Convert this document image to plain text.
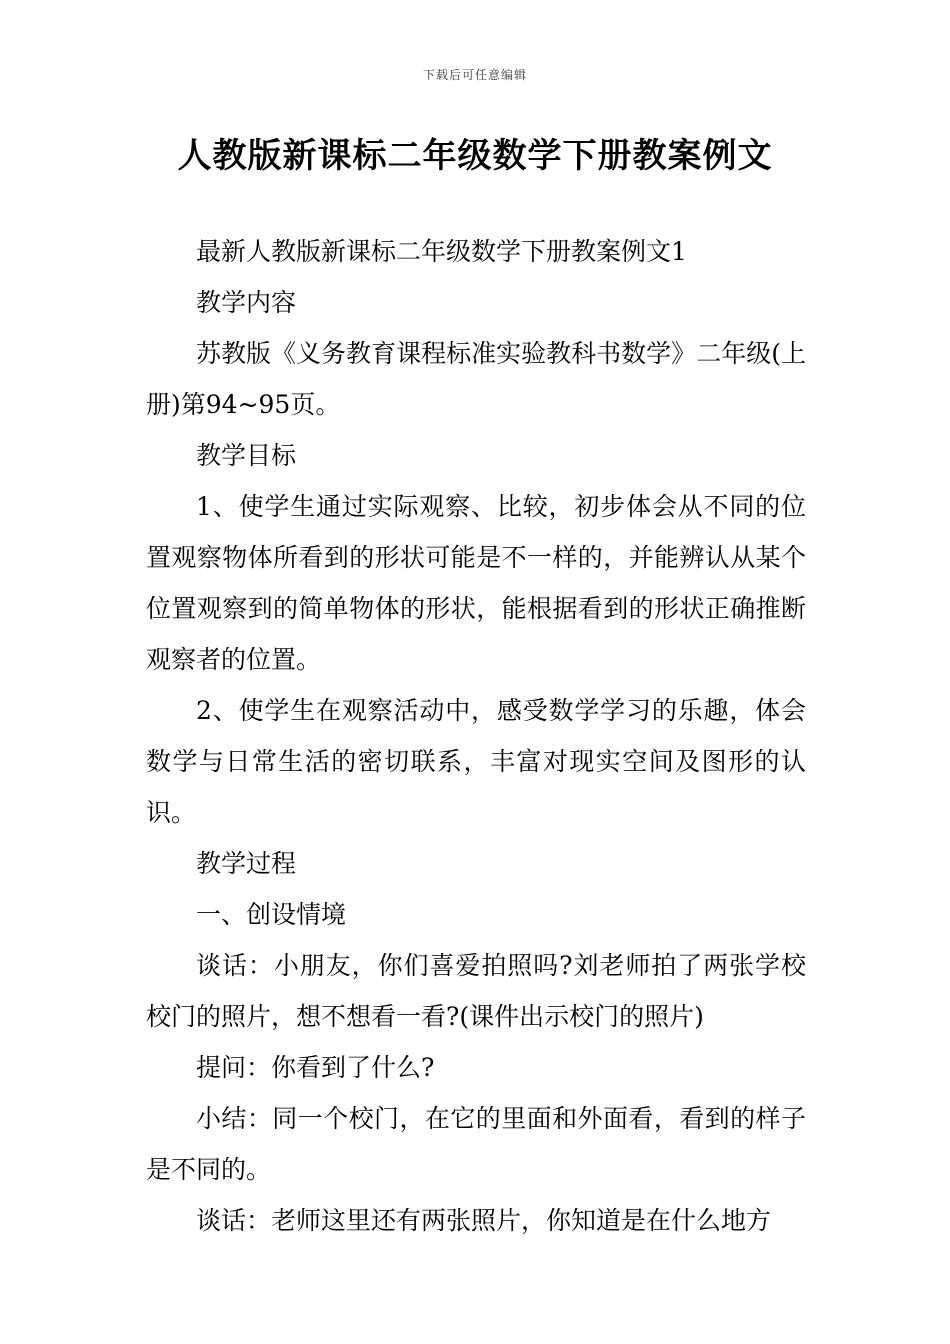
下载后可任意编辑
人教版新课标二年级数学下册教案例文

最新人教版新课标二年级数学下册教案例文1

教学内容

苏教版《义务教育课程标准实验教科书数学》二年级(上册)第94~95页。

教学目标

1、使学生通过实际观察、比较，初步体会从不同的位置观察物体所看到的形状可能是不一样的，并能辨认从某个位置观察到的简单物体的形状，能根据看到的形状正确推断观察者的位置。

2、使学生在观察活动中，感受数学学习的乐趣，体会数学与日常生活的密切联系，丰富对现实空间及图形的认识。

教学过程

一、创设情境

谈话：小朋友，你们喜爱拍照吗?刘老师拍了两张学校校门的照片，想不想看一看?(课件出示校门的照片)

提问：你看到了什么?

小结：同一个校门，在它的里面和外面看，看到的样子是不同的。

谈话：老师这里还有两张照片，你知道是在什么地方
